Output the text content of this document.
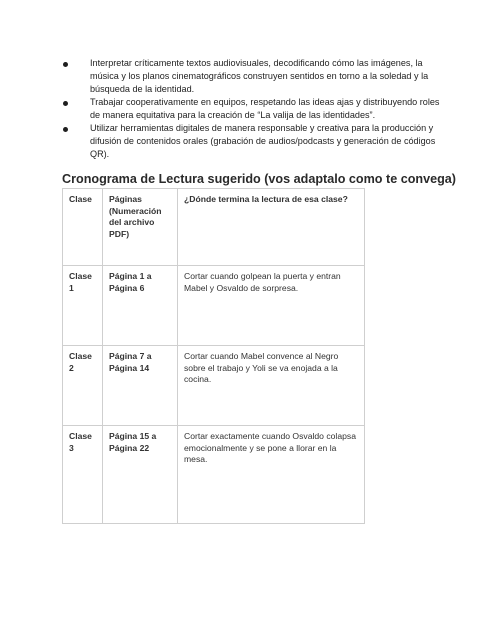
Interpretar críticamente textos audiovisuales, decodificando cómo las imágenes, la música y los planos cinematográficos construyen sentidos en torno a la soledad y la búsqueda de la identidad.
Trabajar cooperativamente en equipos, respetando las ideas ajas y distribuyendo roles de manera equitativa para la creación de “La valija de las identidades”.
Utilizar herramientas digitales de manera responsable y creativa para la producción y difusión de contenidos orales (grabación de audios/podcasts y generación de códigos QR).
Cronograma de Lectura sugerido (vos adaptalo como te convega)
Clase	Páginas (Numeración del archivo PDF)	¿Dónde termina la lectura de esa clase?
Clase 1	Página 1 a Página 6	Cortar cuando golpean la puerta y entran Mabel y Osvaldo de sorpresa.
Clase 2	Página 7 a Página 14	Cortar cuando Mabel convence al Negro sobre el trabajo y Yoli se va enojada a la cocina.
Clase 3	Página 15 a Página 22	Cortar exactamente cuando Osvaldo colapsa emocionalmente y se pone a llorar en la mesa.
